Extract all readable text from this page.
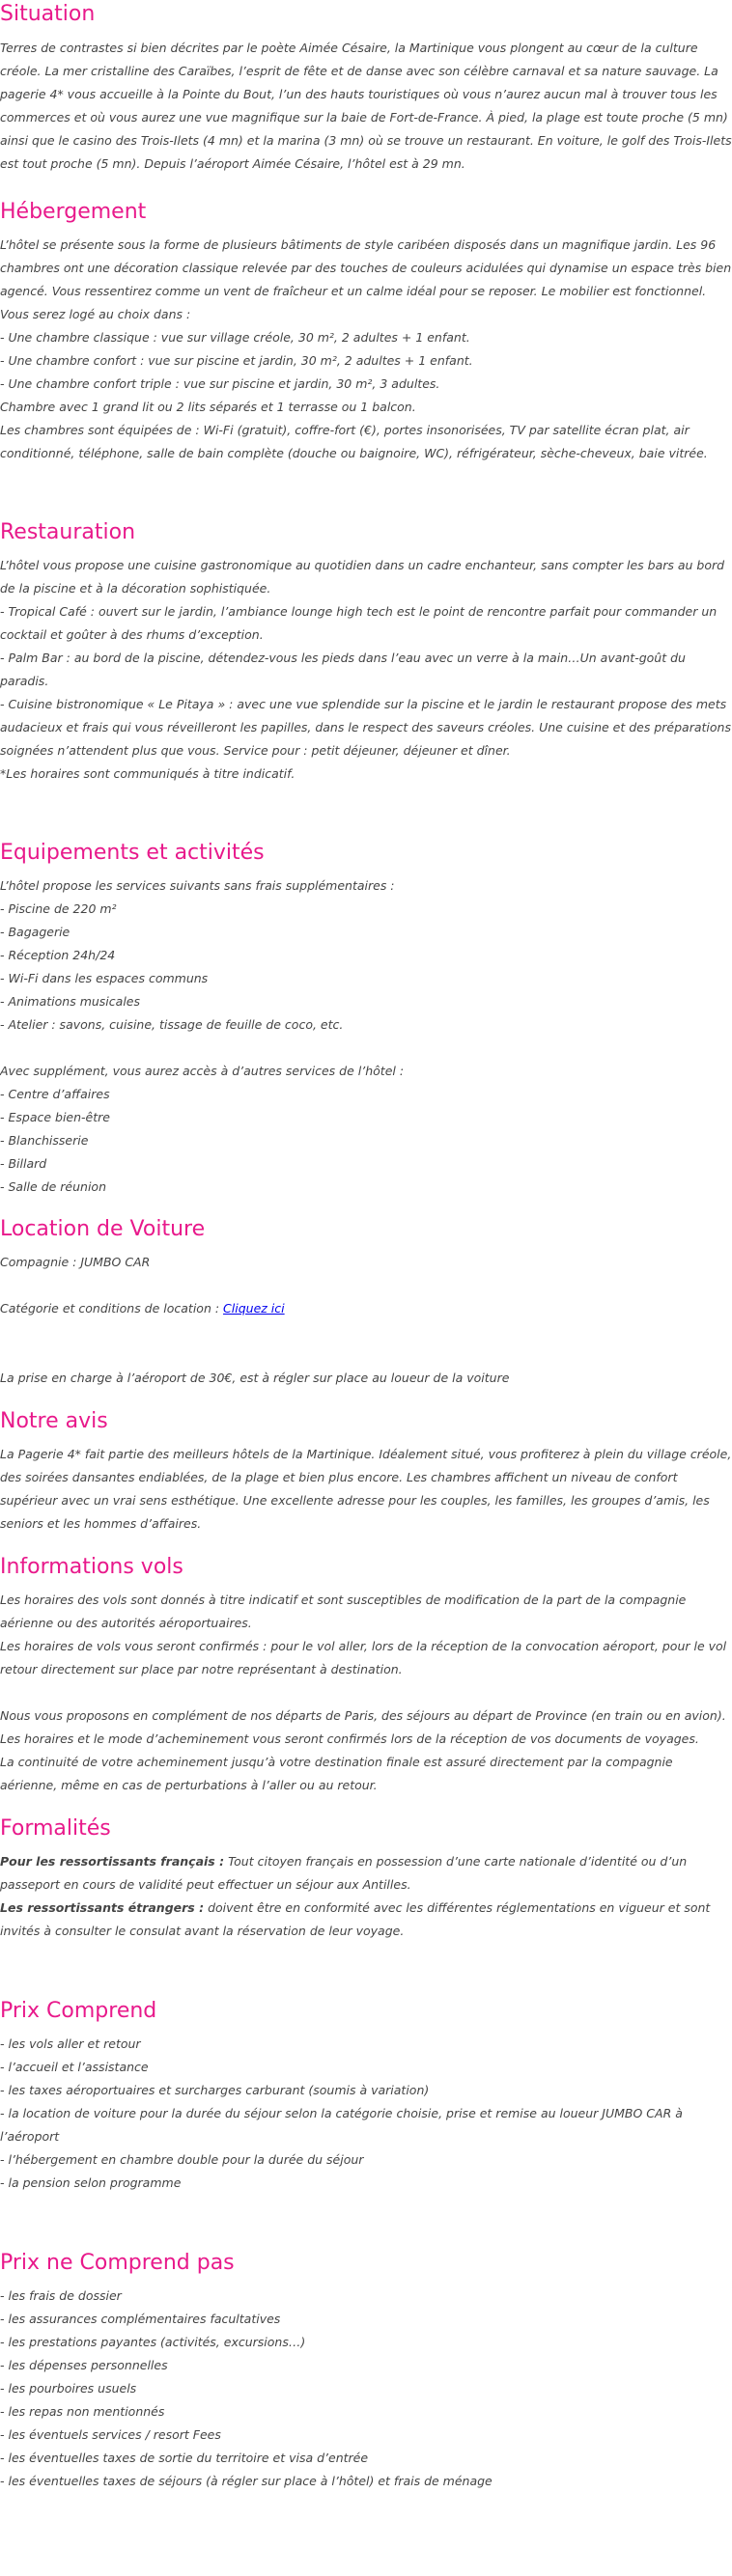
Situation

Terres de contrastes si bien décrites par le poète Aimée Césaire, la Martinique vous plongent au cœur de la culture créole. La mer cristalline des Caraïbes, l’esprit de fête et de danse avec son célèbre carnaval et sa nature sauvage. La pagerie 4* vous accueille à la Pointe du Bout, l’un des hauts touristiques où vous n’aurez aucun mal à trouver tous les commerces et où vous aurez une vue magnifique sur la baie de Fort-de-France. À pied, la plage est toute proche (5 mn) ainsi que le casino des Trois-Ilets (4 mn) et la marina (3 mn) où se trouve un restaurant. En voiture, le golf des Trois-Ilets est tout proche (5 mn). Depuis l’aéroport Aimée Césaire, l’hôtel est à 29 mn.

Hébergement

L’hôtel se présente sous la forme de plusieurs bâtiments de style caribéen disposés dans un magnifique jardin. Les 96 chambres ont une décoration classique relevée par des touches de couleurs acidulées qui dynamise un espace très bien agencé. Vous ressentirez comme un vent de fraîcheur et un calme idéal pour se reposer. Le mobilier est fonctionnel. Vous serez logé au choix dans :

- Une chambre classique : vue sur village créole, 30 m², 2 adultes + 1 enfant.
- Une chambre confort : vue sur piscine et jardin, 30 m², 2 adultes + 1 enfant.
- Une chambre confort triple : vue sur piscine et jardin, 30 m², 3 adultes.
Chambre avec 1 grand lit ou 2 lits séparés et 1 terrasse ou 1 balcon.

Les chambres sont équipées de : Wi-Fi (gratuit), coffre-fort (€), portes insonorisées, TV par satellite écran plat, air conditionné, téléphone, salle de bain complète (douche ou baignoire, WC), réfrigérateur, sèche-cheveux, baie vitrée.

Restauration

L’hôtel vous propose une cuisine gastronomique au quotidien dans un cadre enchanteur, sans compter les bars au bord de la piscine et à la décoration sophistiquée.

- Tropical Café : ouvert sur le jardin, l’ambiance lounge high tech est le point de rencontre parfait pour commander un cocktail et goûter à des rhums d’exception.
- Palm Bar : au bord de la piscine, détendez-vous les pieds dans l’eau avec un verre à la main…Un avant-goût du paradis.
- Cuisine bistronomique « Le Pitaya » : avec une vue splendide sur la piscine et le jardin le restaurant propose des mets audacieux et frais qui vous réveilleront les papilles, dans le respect des saveurs créoles. Une cuisine et des préparations soignées n’attendent plus que vous. Service pour : petit déjeuner, déjeuner et dîner.
*Les horaires sont communiqués à titre indicatif.
Equipements et activités
L’hôtel propose les services suivants sans frais supplémentaires :
- Piscine de 220 m²
- Bagagerie
- Réception 24h/24
- Wi-Fi dans les espaces communs
- Animations musicales
- Atelier : savons, cuisine, tissage de feuille de coco, etc.
Avec supplément, vous aurez accès à d’autres services de l’hôtel :
- Centre d’affaires
- Espace bien-être
- Blanchisserie
- Billard
- Salle de réunion
Location de Voiture

Compagnie : JUMBO CAR

Catégorie et conditions de location : Cliquez ici

La prise en charge à l’aéroport de 30€, est à régler sur place au loueur de la voiture

Notre avis

La Pagerie 4* fait partie des meilleurs hôtels de la Martinique. Idéalement situé, vous profiterez à plein du village créole, des soirées dansantes endiablées, de la plage et bien plus encore. Les chambres affichent un niveau de confort supérieur avec un vrai sens esthétique. Une excellente adresse pour les couples, les familles, les groupes d’amis, les seniors et les hommes d’affaires.

Informations vols
Les horaires des vols sont donnés à titre indicatif et sont susceptibles de modification de la part de la compagnie aérienne ou des autorités aéroportuaires.
Les horaires de vols vous seront confirmés : pour le vol aller, lors de la réception de la convocation aéroport, pour le vol retour directement sur place par notre représentant à destination.
Nous vous proposons en complément de nos départs de Paris, des séjours au départ de Province (en train ou en avion).
Les horaires et le mode d’acheminement vous seront confirmés lors de la réception de vos documents de voyages.
La continuité de votre acheminement jusqu’à votre destination finale est assuré directement par la compagnie aérienne, même en cas de perturbations à l’aller ou au retour.
Formalités
Pour les ressortissants français : Tout citoyen français en possession d’une carte nationale d’identité ou d’un passeport en cours de validité peut effectuer un séjour aux Antilles.
Les ressortissants étrangers : doivent être en conformité avec les différentes réglementations en vigueur et sont invités à consulter le consulat avant la réservation de leur voyage.
Prix Comprend
- les vols aller et retour
- l’accueil et l’assistance
- les taxes aéroportuaires et surcharges carburant (soumis à variation)
- la location de voiture pour la durée du séjour selon la catégorie choisie, prise et remise au loueur JUMBO CAR à l’aéroport
- l’hébergement en chambre double pour la durée du séjour
- la pension selon programme
Prix ne Comprend pas
- les frais de dossier
- les assurances complémentaires facultatives
- les prestations payantes (activités, excursions…)
- les dépenses personnelles
- les pourboires usuels
- les repas non mentionnés
- les éventuels services / resort Fees
- les éventuelles taxes de sortie du territoire et visa d’entrée
- les éventuelles taxes de séjours (à régler sur place à l’hôtel) et frais de ménage
